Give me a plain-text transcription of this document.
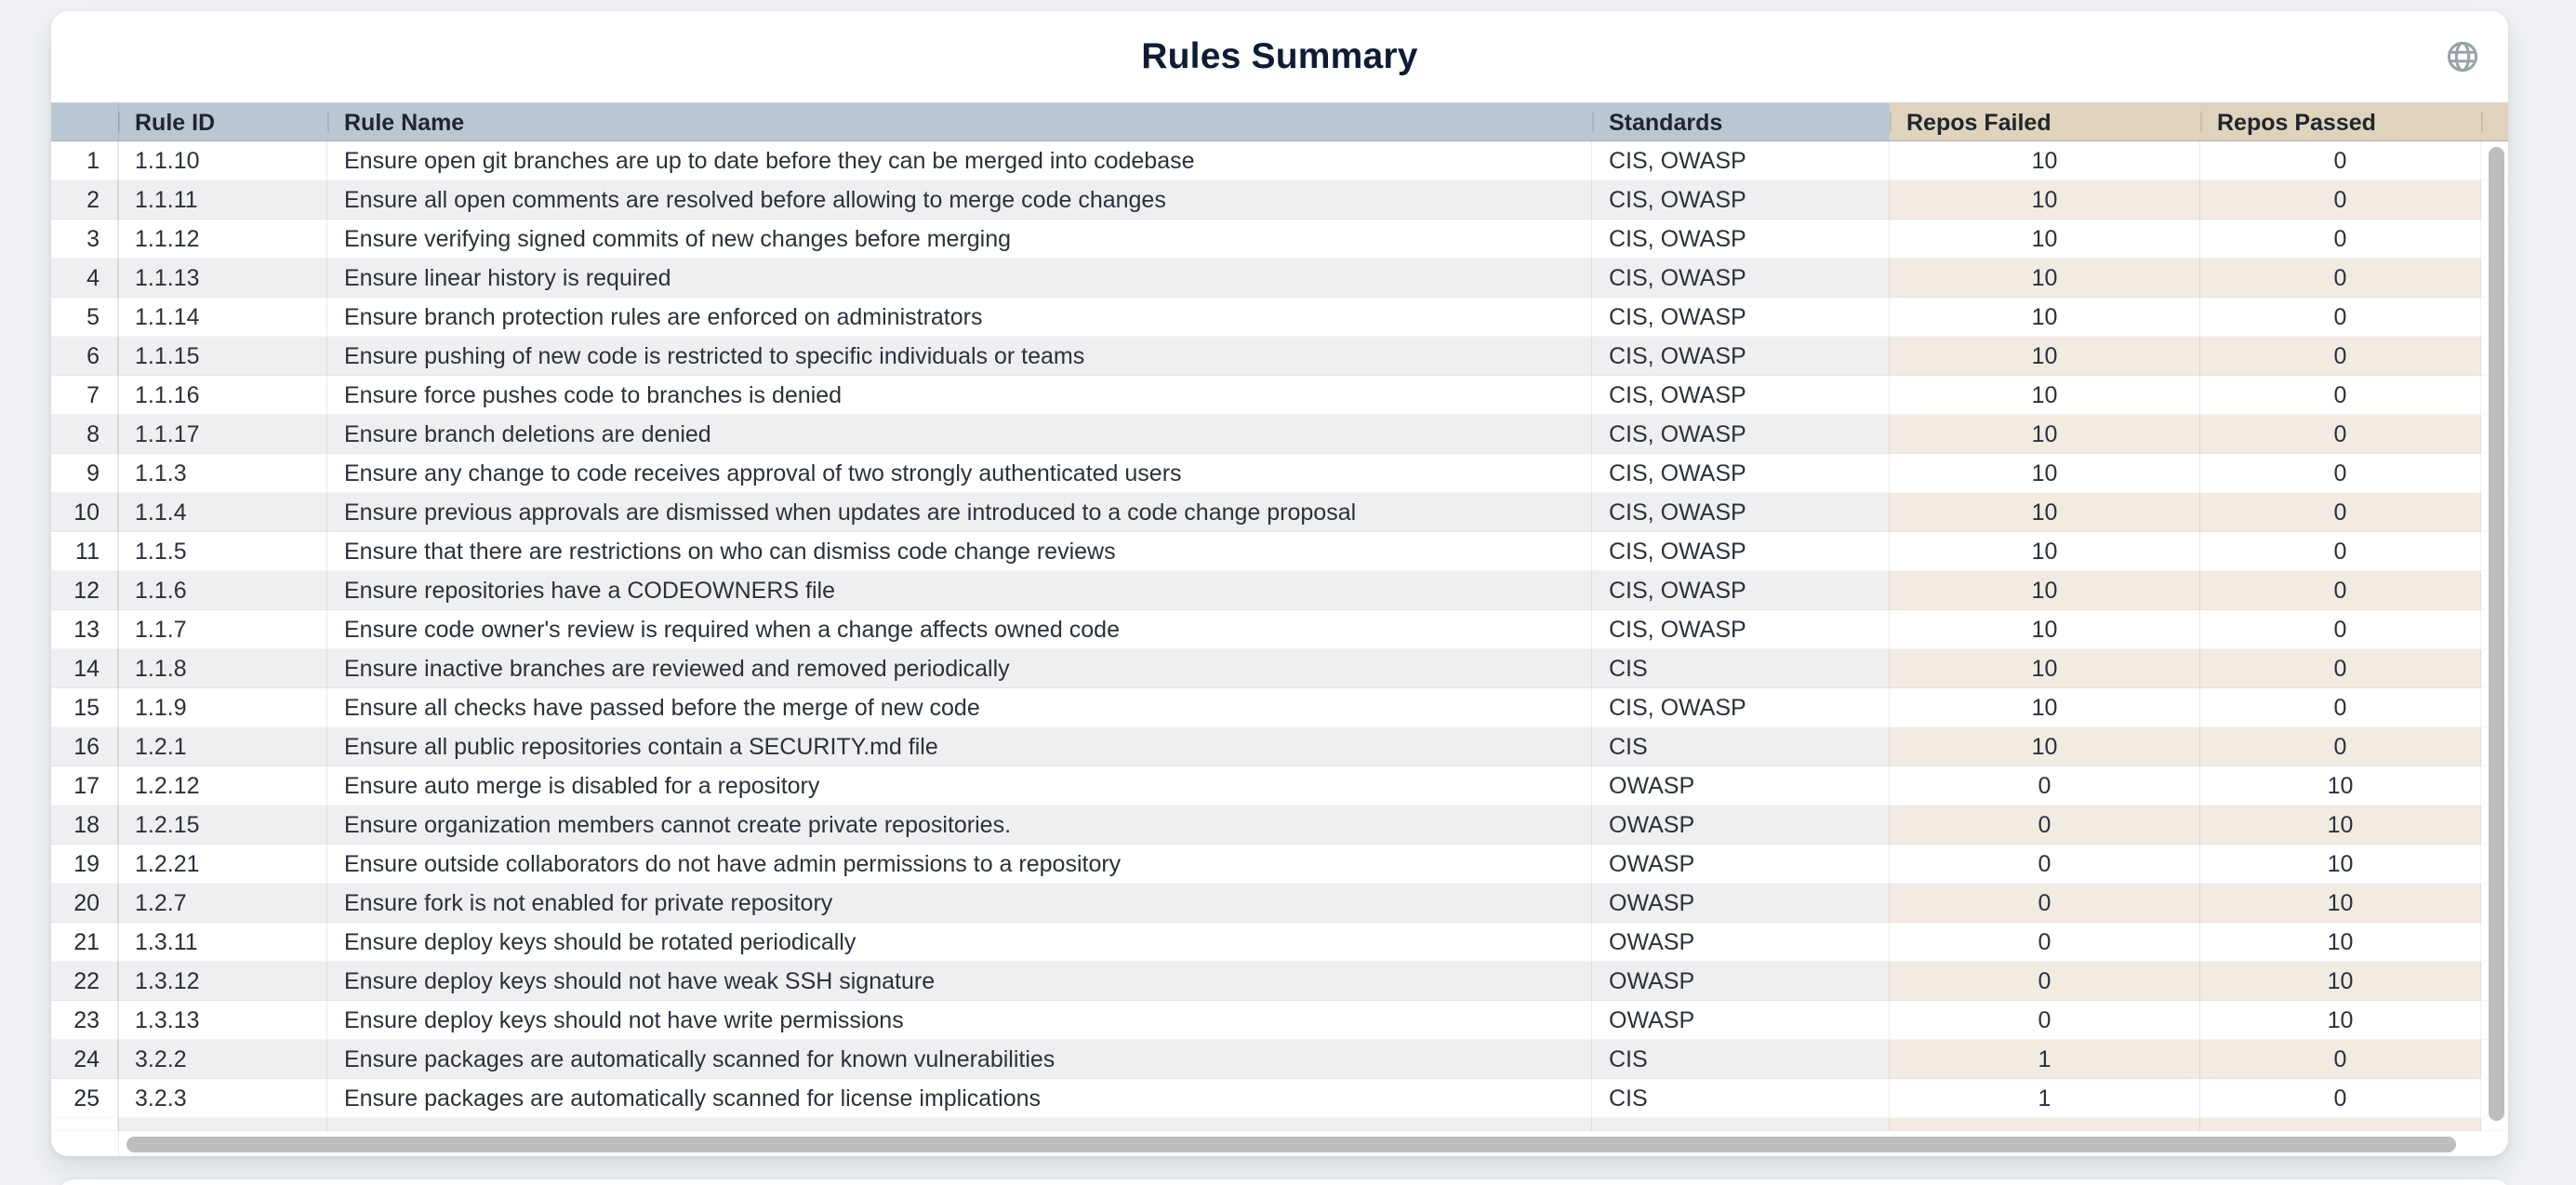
Rules Summary
Rule ID	Rule Name	Standards	Repos Failed	Repos Passed
1	1.1.10	Ensure open git branches are up to date before they can be merged into codebase	CIS, OWASP	10	0
2	1.1.11	Ensure all open comments are resolved before allowing to merge code changes	CIS, OWASP	10	0
3	1.1.12	Ensure verifying signed commits of new changes before merging	CIS, OWASP	10	0
4	1.1.13	Ensure linear history is required	CIS, OWASP	10	0
5	1.1.14	Ensure branch protection rules are enforced on administrators	CIS, OWASP	10	0
6	1.1.15	Ensure pushing of new code is restricted to specific individuals or teams	CIS, OWASP	10	0
7	1.1.16	Ensure force pushes code to branches is denied	CIS, OWASP	10	0
8	1.1.17	Ensure branch deletions are denied	CIS, OWASP	10	0
9	1.1.3	Ensure any change to code receives approval of two strongly authenticated users	CIS, OWASP	10	0
10	1.1.4	Ensure previous approvals are dismissed when updates are introduced to a code change proposal	CIS, OWASP	10	0
11	1.1.5	Ensure that there are restrictions on who can dismiss code change reviews	CIS, OWASP	10	0
12	1.1.6	Ensure repositories have a CODEOWNERS file	CIS, OWASP	10	0
13	1.1.7	Ensure code owner's review is required when a change affects owned code	CIS, OWASP	10	0
14	1.1.8	Ensure inactive branches are reviewed and removed periodically	CIS	10	0
15	1.1.9	Ensure all checks have passed before the merge of new code	CIS, OWASP	10	0
16	1.2.1	Ensure all public repositories contain a SECURITY.md file	CIS	10	0
17	1.2.12	Ensure auto merge is disabled for a repository	OWASP	0	10
18	1.2.15	Ensure organization members cannot create private repositories.	OWASP	0	10
19	1.2.21	Ensure outside collaborators do not have admin permissions to a repository	OWASP	0	10
20	1.2.7	Ensure fork is not enabled for private repository	OWASP	0	10
21	1.3.11	Ensure deploy keys should be rotated periodically	OWASP	0	10
22	1.3.12	Ensure deploy keys should not have weak SSH signature	OWASP	0	10
23	1.3.13	Ensure deploy keys should not have write permissions	OWASP	0	10
24	3.2.2	Ensure packages are automatically scanned for known vulnerabilities	CIS	1	0
25	3.2.3	Ensure packages are automatically scanned for license implications	CIS	1	0
